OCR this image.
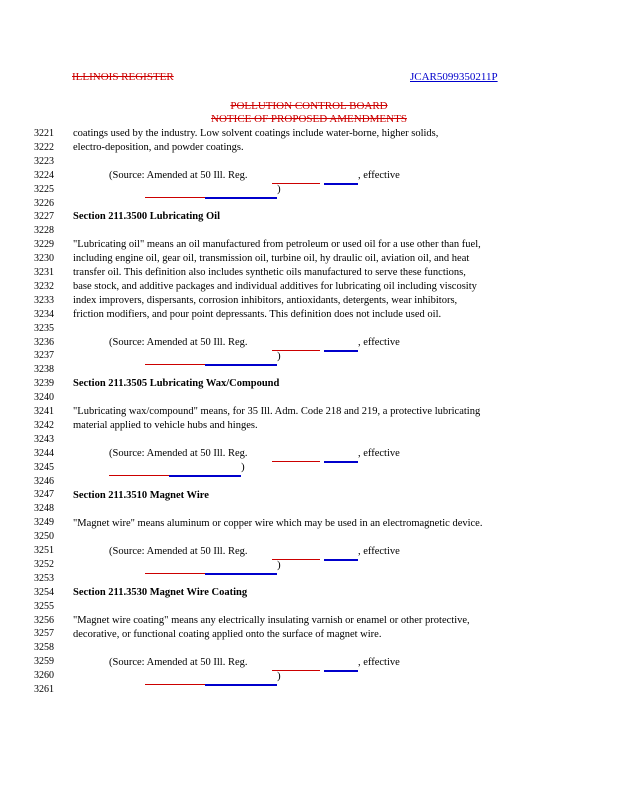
ILLINOIS REGISTER	JCAR5099350211P
POLLUTION CONTROL BOARD
NOTICE OF PROPOSED AMENDMENTS
3221
3222
3223
3224
3225
3226
3227
3228
3229
3230
3231
3232
3233
3234
3235
3236
3237
3238
3239
3240
3241
3242
3243
3244
3245
3246
3247
3248
3249
3250
3251
3252
3253
3254
3255
3256
3257
3258
3259
3260
3261
coatings used by the industry. Low solvent coatings include water-borne, higher solids,
electro-deposition, and powder coatings.
(Source: Amended at 50 Ill. Reg.	, effective
)
Section 211.3500 Lubricating Oil
"Lubricating oil" means an oil manufactured from petroleum or used oil for a use other than fuel,
including engine oil, gear oil, transmission oil, turbine oil, hy draulic oil, aviation oil, and heat
transfer oil. This definition also includes synthetic oils manufactured to serve these functions,
base stock, and additive packages and individual additives for lubricating oil including viscosity
index improvers, dispersants, corrosion inhibitors, antioxidants, detergents, wear inhibitors,
friction modifiers, and pour point depressants. This definition does not include used oil.
(Source: Amended at 50 Ill. Reg.	, effective
)
Section 211.3505 Lubricating Wax/Compound
"Lubricating wax/compound" means, for 35 Ill. Adm. Code 218 and 219, a protective lubricating
material applied to vehicle hubs and hinges.
(Source: Amended at 50 Ill. Reg.	, effective
)
Section 211.3510 Magnet Wire
"Magnet wire" means aluminum or copper wire which may be used in an electromagnetic device.
(Source: Amended at 50 Ill. Reg.	, effective
)
Section 211.3530 Magnet Wire Coating
"Magnet wire coating" means any electrically insulating varnish or enamel or other protective,
decorative, or functional coating applied onto the surface of magnet wire.
(Source: Amended at 50 Ill. Reg.	, effective
)
